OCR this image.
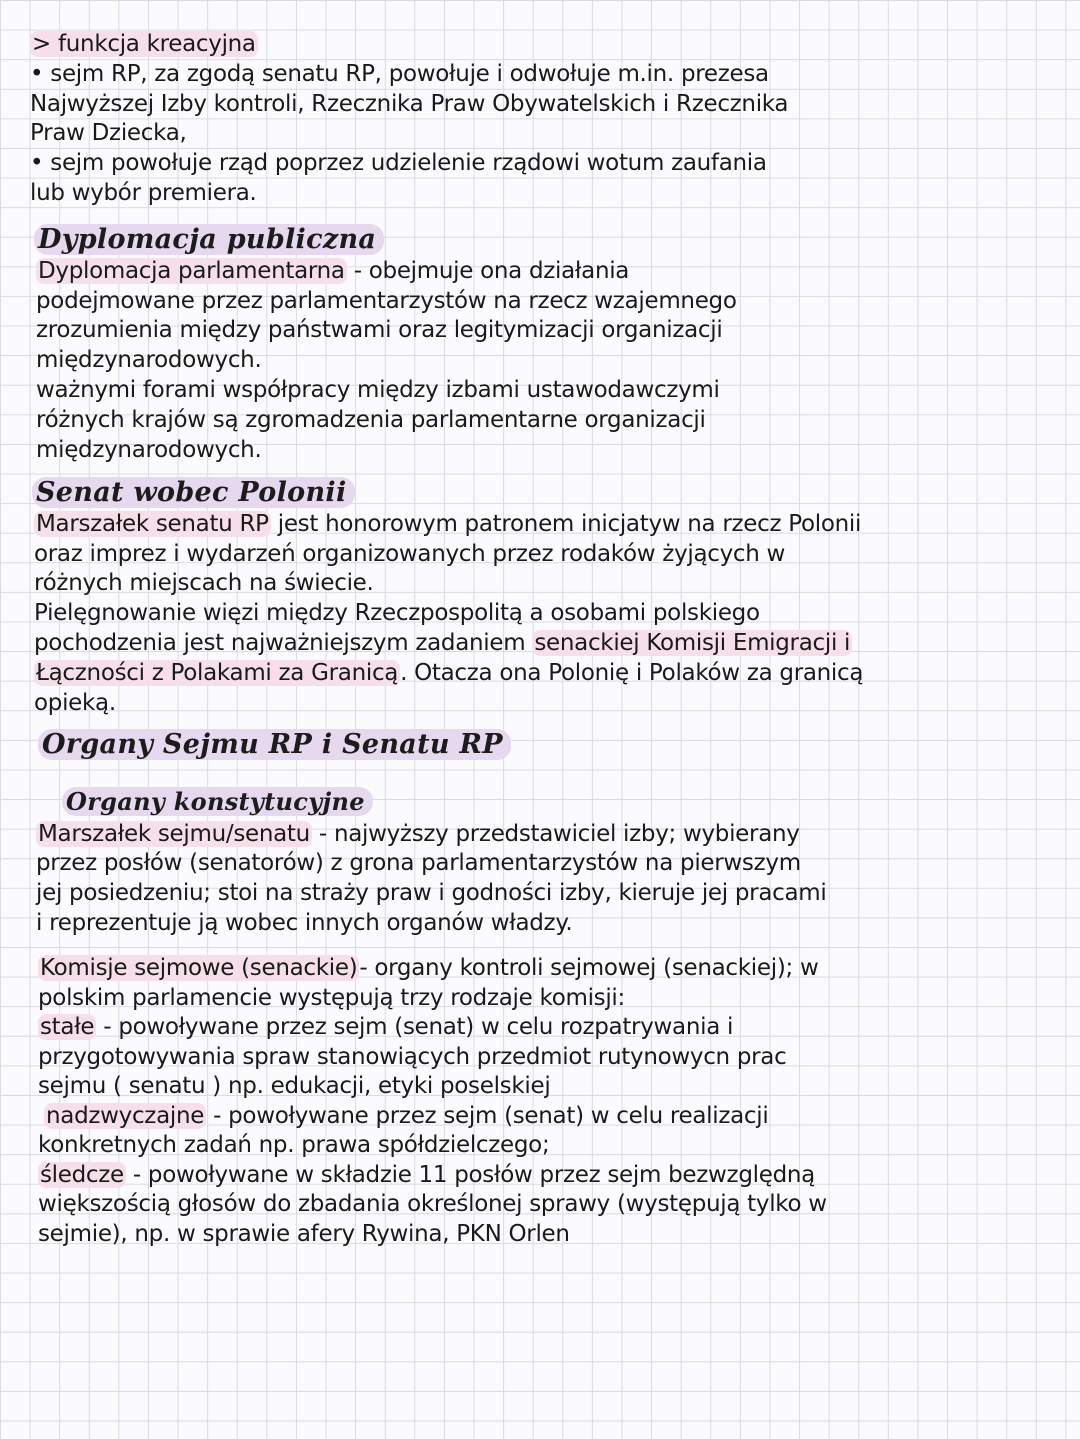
> funkcja kreacyjna
• sejm RP, za zgodą senatu RP, powołuje i odwołuje m.in. prezesa
Najwyższej Izby kontroli, Rzecznika Praw Obywatelskich i Rzecznika
Praw Dziecka,
• sejm powołuje rząd poprzez udzielenie rządowi wotum zaufania
lub wybór premiera.
Dyplomacja publiczna
Dyplomacja parlamentarna - obejmuje ona działania
podejmowane przez parlamentarzystów na rzecz wzajemnego
zrozumienia między państwami oraz legitymizacji organizacji
międzynarodowych.
ważnymi forami współpracy między izbami ustawodawczymi
różnych krajów są zgromadzenia parlamentarne organizacji
międzynarodowych.
Senat wobec Polonii
Marszałek senatu RP jest honorowym patronem inicjatyw na rzecz Polonii
oraz imprez i wydarzeń organizowanych przez rodaków żyjących w
różnych miejscach na świecie.
Pielęgnowanie więzi między Rzeczpospolitą a osobami polskiego
pochodzenia jest najważniejszym zadaniem senackiej Komisji Emigracji i
Łączności z Polakami za Granicą. Otacza ona Polonię i Polaków za granicą
opieką.
Organy Sejmu RP i Senatu RP
Organy konstytucyjne
Marszałek sejmu/senatu - najwyższy przedstawiciel izby; wybierany
przez posłów (senatorów) z grona parlamentarzystów na pierwszym
jej posiedzeniu; stoi na straży praw i godności izby, kieruje jej pracami
i reprezentuje ją wobec innych organów władzy.
Komisje sejmowe (senackie)- organy kontroli sejmowej (senackiej); w
polskim parlamencie występują trzy rodzaje komisji:
stałe - powoływane przez sejm (senat) w celu rozpatrywania i
przygotowywania spraw stanowiących przedmiot rutynowycn prac
sejmu ( senatu ) np. edukacji, etyki poselskiej
nadzwyczajne - powoływane przez sejm (senat) w celu realizacji
konkretnych zadań np. prawa spółdzielczego;
śledcze - powoływane w składzie 11 posłów przez sejm bezwzględną
większością głosów do zbadania określonej sprawy (występują tylko w
sejmie), np. w sprawie afery Rywina, PKN Orlen
